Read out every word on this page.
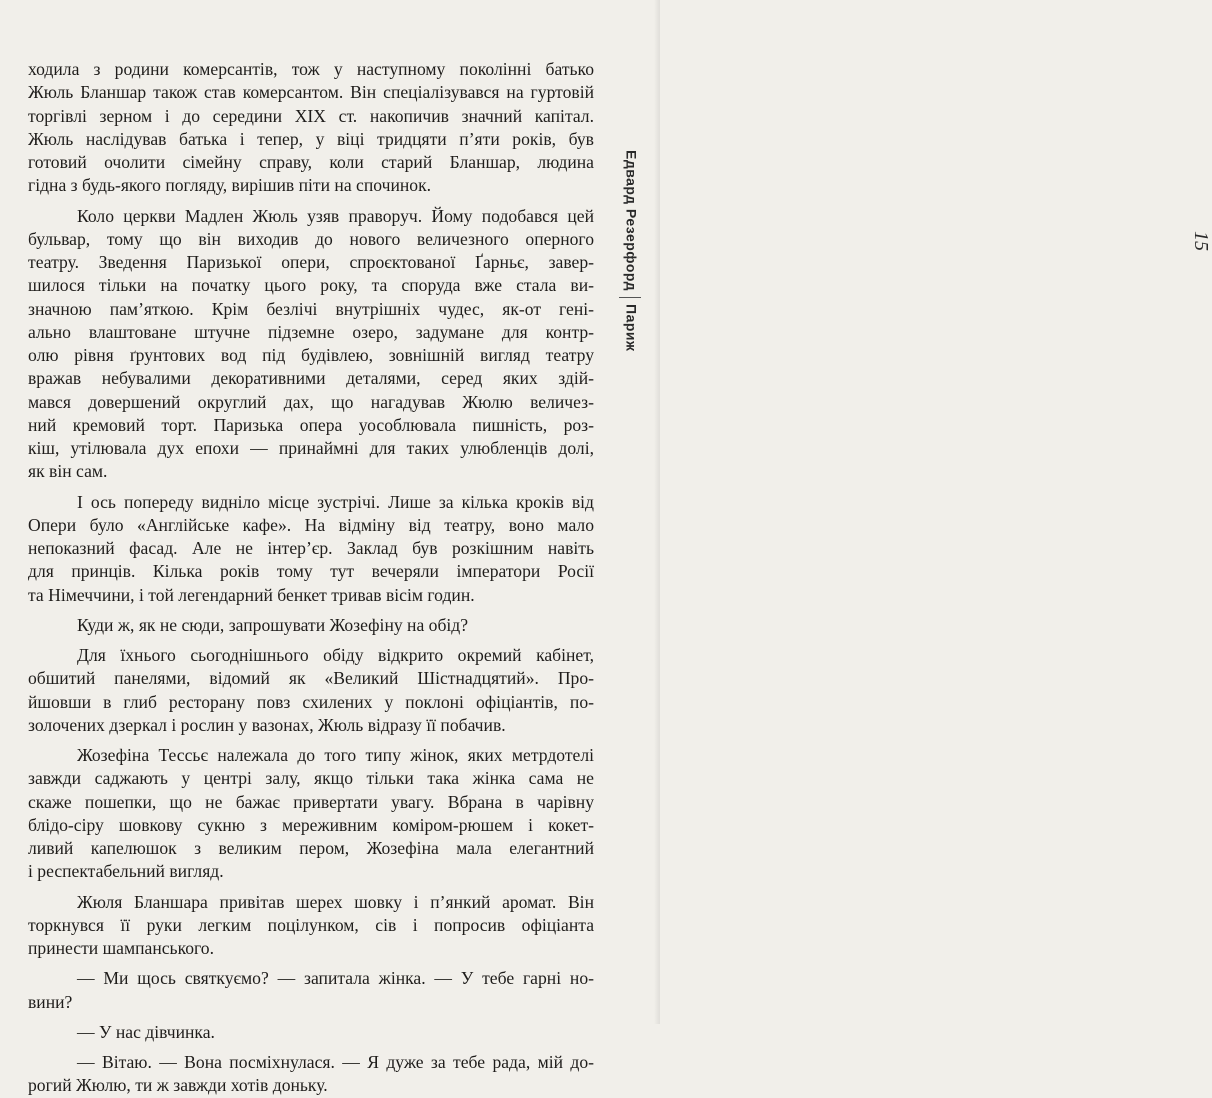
15
Едвард РезерфордПариж
ходила з родини комерсантів, тож у наступному поколінні батько
Жюль Бланшар також став комерсантом. Він спеціалізувався на гуртовій
торгівлі зерном і до середини XIX ст. накопичив значний капітал.
Жюль наслідував батька і тепер, у віці тридцяти п’яти років, був
готовий очолити сімейну справу, коли старий Бланшар, людина
гідна з будь-якого погляду, вирішив піти на спочинок.
Коло церкви Мадлен Жюль узяв праворуч. Йому подобався цей
бульвар, тому що він виходив до нового величезного оперного
театру. Зведення Паризької опери, спроєктованої Ґарньє, завер-
шилося тільки на початку цього року, та споруда вже стала ви-
значною пам’яткою. Крім безлічі внутрішніх чудес, як-от гені-
ально влаштоване штучне підземне озеро, задумане для контр-
олю рівня ґрунтових вод під будівлею, зовнішній вигляд театру
вражав небувалими декоративними деталями, серед яких здій-
мався довершений округлий дах, що нагадував Жюлю величез-
ний кремовий торт. Паризька опера уособлювала пишність, роз-
кіш, утілювала дух епохи — принаймні для таких улюбленців долі,
як він сам.
І ось попереду виднілo місце зустрічі. Лише за кілька кроків від
Опери було «Англійське кафе». На відміну від театру, воно мало
непоказний фасад. Але не інтер’єр. Заклад був розкішним навіть
для принців. Кілька років тому тут вечеряли імператори Росії
та Німеччини, і той легендарний бенкет тривав вісім годин.
Куди ж, як не сюди, запрошувати Жозефіну на обід?
Для їхнього сьогоднішнього обіду відкрито окремий кабінет,
обшитий панелями, відомий як «Великий Шістнадцятий». Про-
йшовши в глиб ресторану повз схилених у поклоні офіціантів, по-
золочених дзеркал і рослин у вазонах, Жюль відразу її побачив.
Жозефіна Тессьє належала до того типу жінок, яких метрдотелі
завжди саджають у центрі залу, якщо тільки така жінка сама не
скаже пошепки, що не бажає привертати увагу. Вбрана в чарівну
блідо-сіру шовкову сукню з мереживним коміром-рюшем і кокет-
ливий капелюшок з великим пером, Жозефіна мала елегантний
і респектабельний вигляд.
Жюля Бланшара привітав шерех шовку і п’янкий аромат. Він
торкнувся її руки легким поцілунком, сів і попросив офіціанта
принести шампанського.
— Ми щось святкуємо? — запитала жінка. — У тебе гарні но-
вини?
— У нас дівчинка.
— Вітаю. — Вона посміхнулася. — Я дуже за тебе рада, мій до-
рогий Жюлю, ти ж завжди хотів доньку.
